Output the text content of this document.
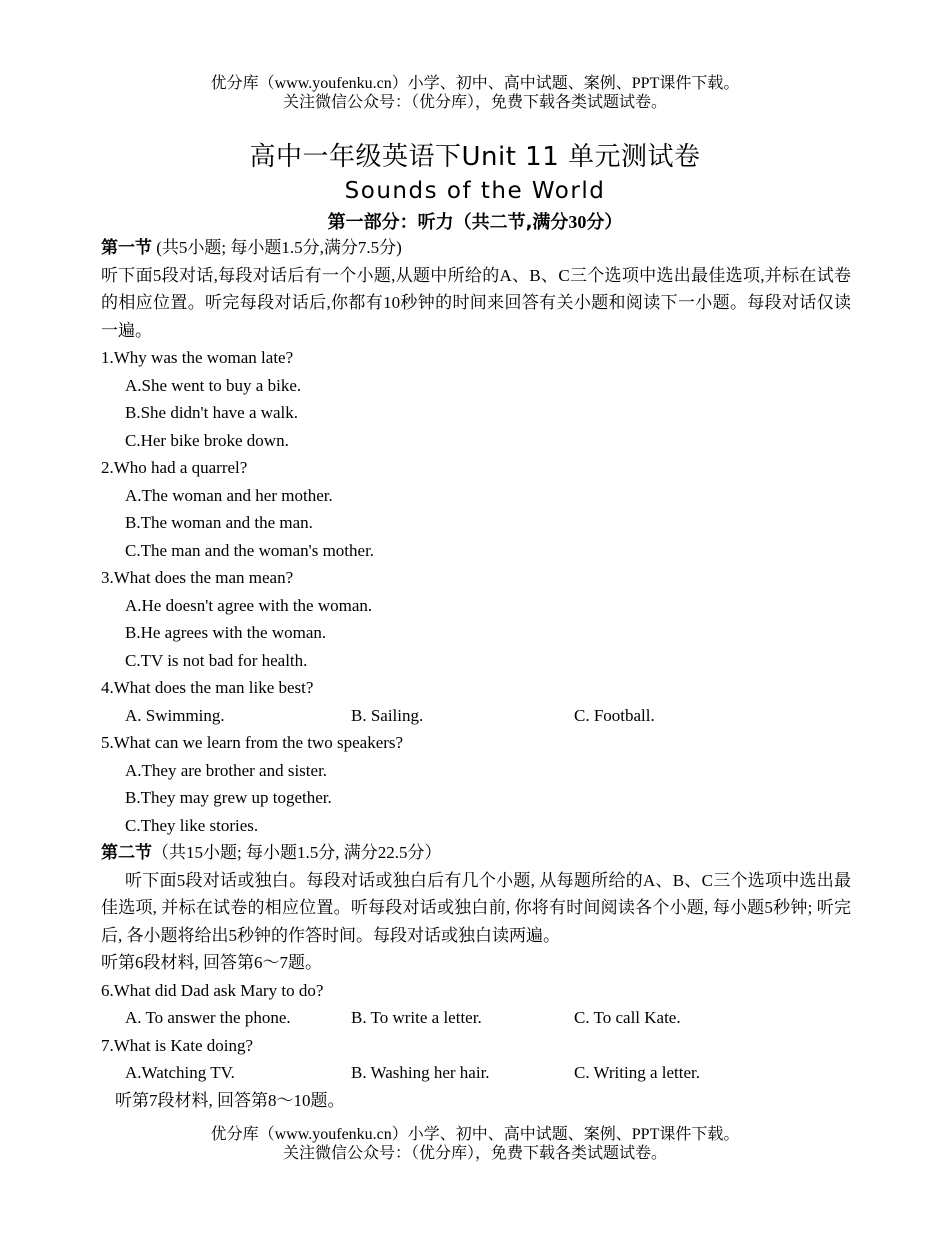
优分库（www.youfenku.cn）小学、初中、高中试题、案例、PPT课件下载。
关注微信公众号：（优分库），免费下载各类试题试卷。
高中一年级英语下Unit 11 单元测试卷
Sounds of the World
第一部分：听力（共二节,满分30分）
第一节 (共5小题; 每小题1.5分,满分7.5分)
听下面5段对话,每段对话后有一个小题,从题中所给的A、B、C三个选项中选出最佳选项,并标在试卷的相应位置。听完每段对话后,你都有10秒钟的时间来回答有关小题和阅读下一小题。每段对话仅读一遍。
1.Why was the woman late?
A.She went to buy a bike.
B.She didn't have a walk.
C.Her bike broke down.
2.Who had a quarrel?
A.The woman and her mother.
B.The woman and the man.
C.The man and the woman's mother.
3.What does the man mean?
A.He doesn't agree with the woman.
B.He agrees with the woman.
C.TV is not bad for health.
4.What does the man like best?
A. Swimming.	B. Sailing.	C. Football.
5.What can we learn from the two speakers?
A.They are brother and sister.
B.They may grew up together.
C.They like stories.
第二节（共15小题; 每小题1.5分, 满分22.5分）
听下面5段对话或独白。每段对话或独白后有几个小题, 从每题所给的A、B、C三个选项中选出最佳选项, 并标在试卷的相应位置。听每段对话或独白前, 你将有时间阅读各个小题, 每小题5秒钟; 听完后, 各小题将给出5秒钟的作答时间。每段对话或独白读两遍。
听第6段材料, 回答第6～7题。
6.What did Dad ask Mary to do?
A. To answer the phone.	B. To write a letter.	C. To call Kate.
7.What is Kate doing?
A.Watching TV.	B. Washing her hair.	C. Writing a letter.
听第7段材料, 回答第8～10题。
优分库（www.youfenku.cn）小学、初中、高中试题、案例、PPT课件下载。
关注微信公众号：（优分库），免费下载各类试题试卷。
